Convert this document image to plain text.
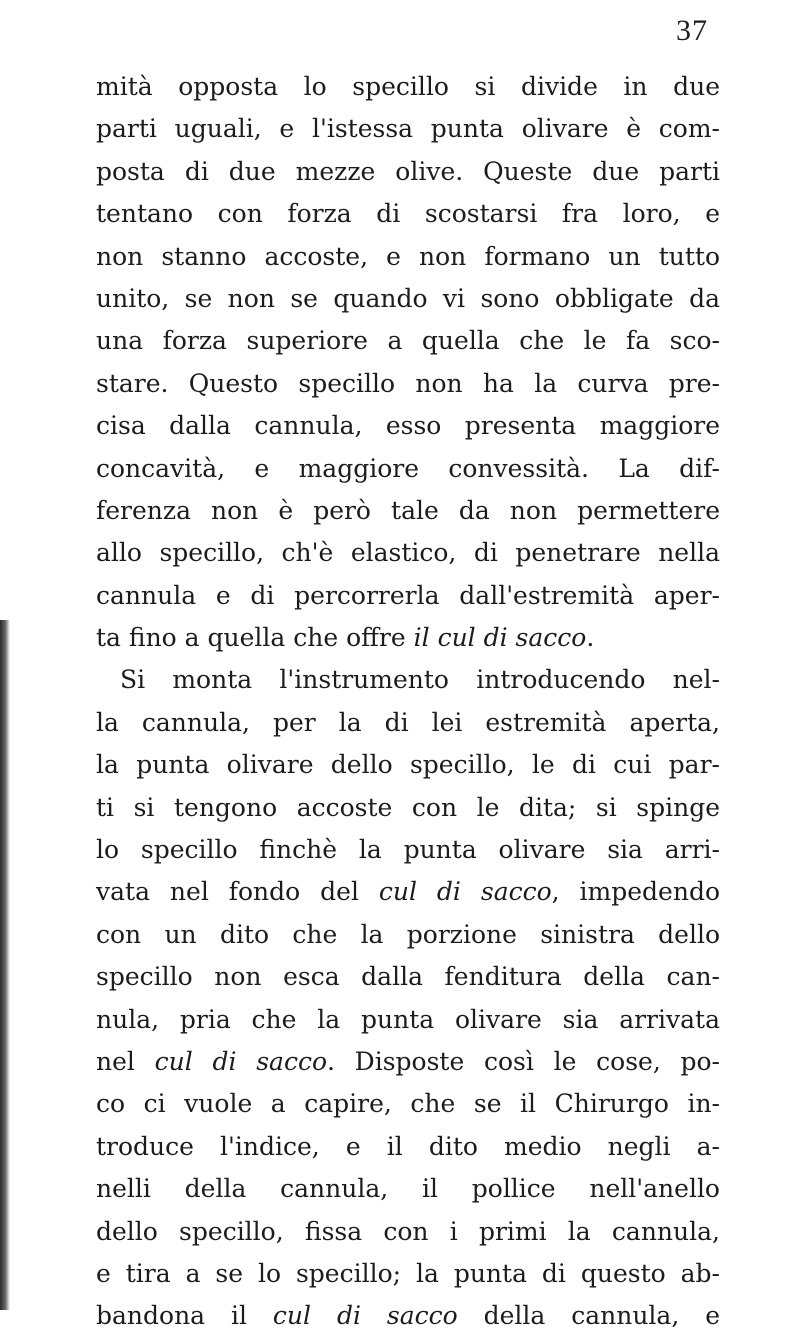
37
mità opposta lo specillo si divide in due
parti uguali, e l'istessa punta olivare è com-
posta di due mezze olive. Queste due parti
tentano con forza di scostarsi fra loro, e
non stanno accoste, e non formano un tutto
unito, se non se quando vi sono obbligate da
una forza superiore a quella che le fa sco-
stare. Questo specillo non ha la curva pre-
cisa dalla cannula, esso presenta maggiore
concavità, e maggiore convessità. La dif-
ferenza non è però tale da non permettere
allo specillo, ch'è elastico, di penetrare nella
cannula e di percorrerla dall'estremità aper-
ta fino a quella che offre il cul di sacco.
Si monta l'instrumento introducendo nel-
la cannula, per la di lei estremità aperta,
la punta olivare dello specillo, le di cui par-
ti si tengono accoste con le dita; si spinge
lo specillo finchè la punta olivare sia arri-
vata nel fondo del cul di sacco, impedendo
con un dito che la porzione sinistra dello
specillo non esca dalla fenditura della can-
nula, pria che la punta olivare sia arrivata
nel cul di sacco. Disposte così le cose, po-
co ci vuole a capire, che se il Chirurgo in-
troduce l'indice, e il dito medio negli a-
nelli della cannula, il pollice nell'anello
dello specillo, fissa con i primi la cannula,
e tira a se lo specillo; la punta di questo ab-
bandona il cul di sacco della cannula, e
